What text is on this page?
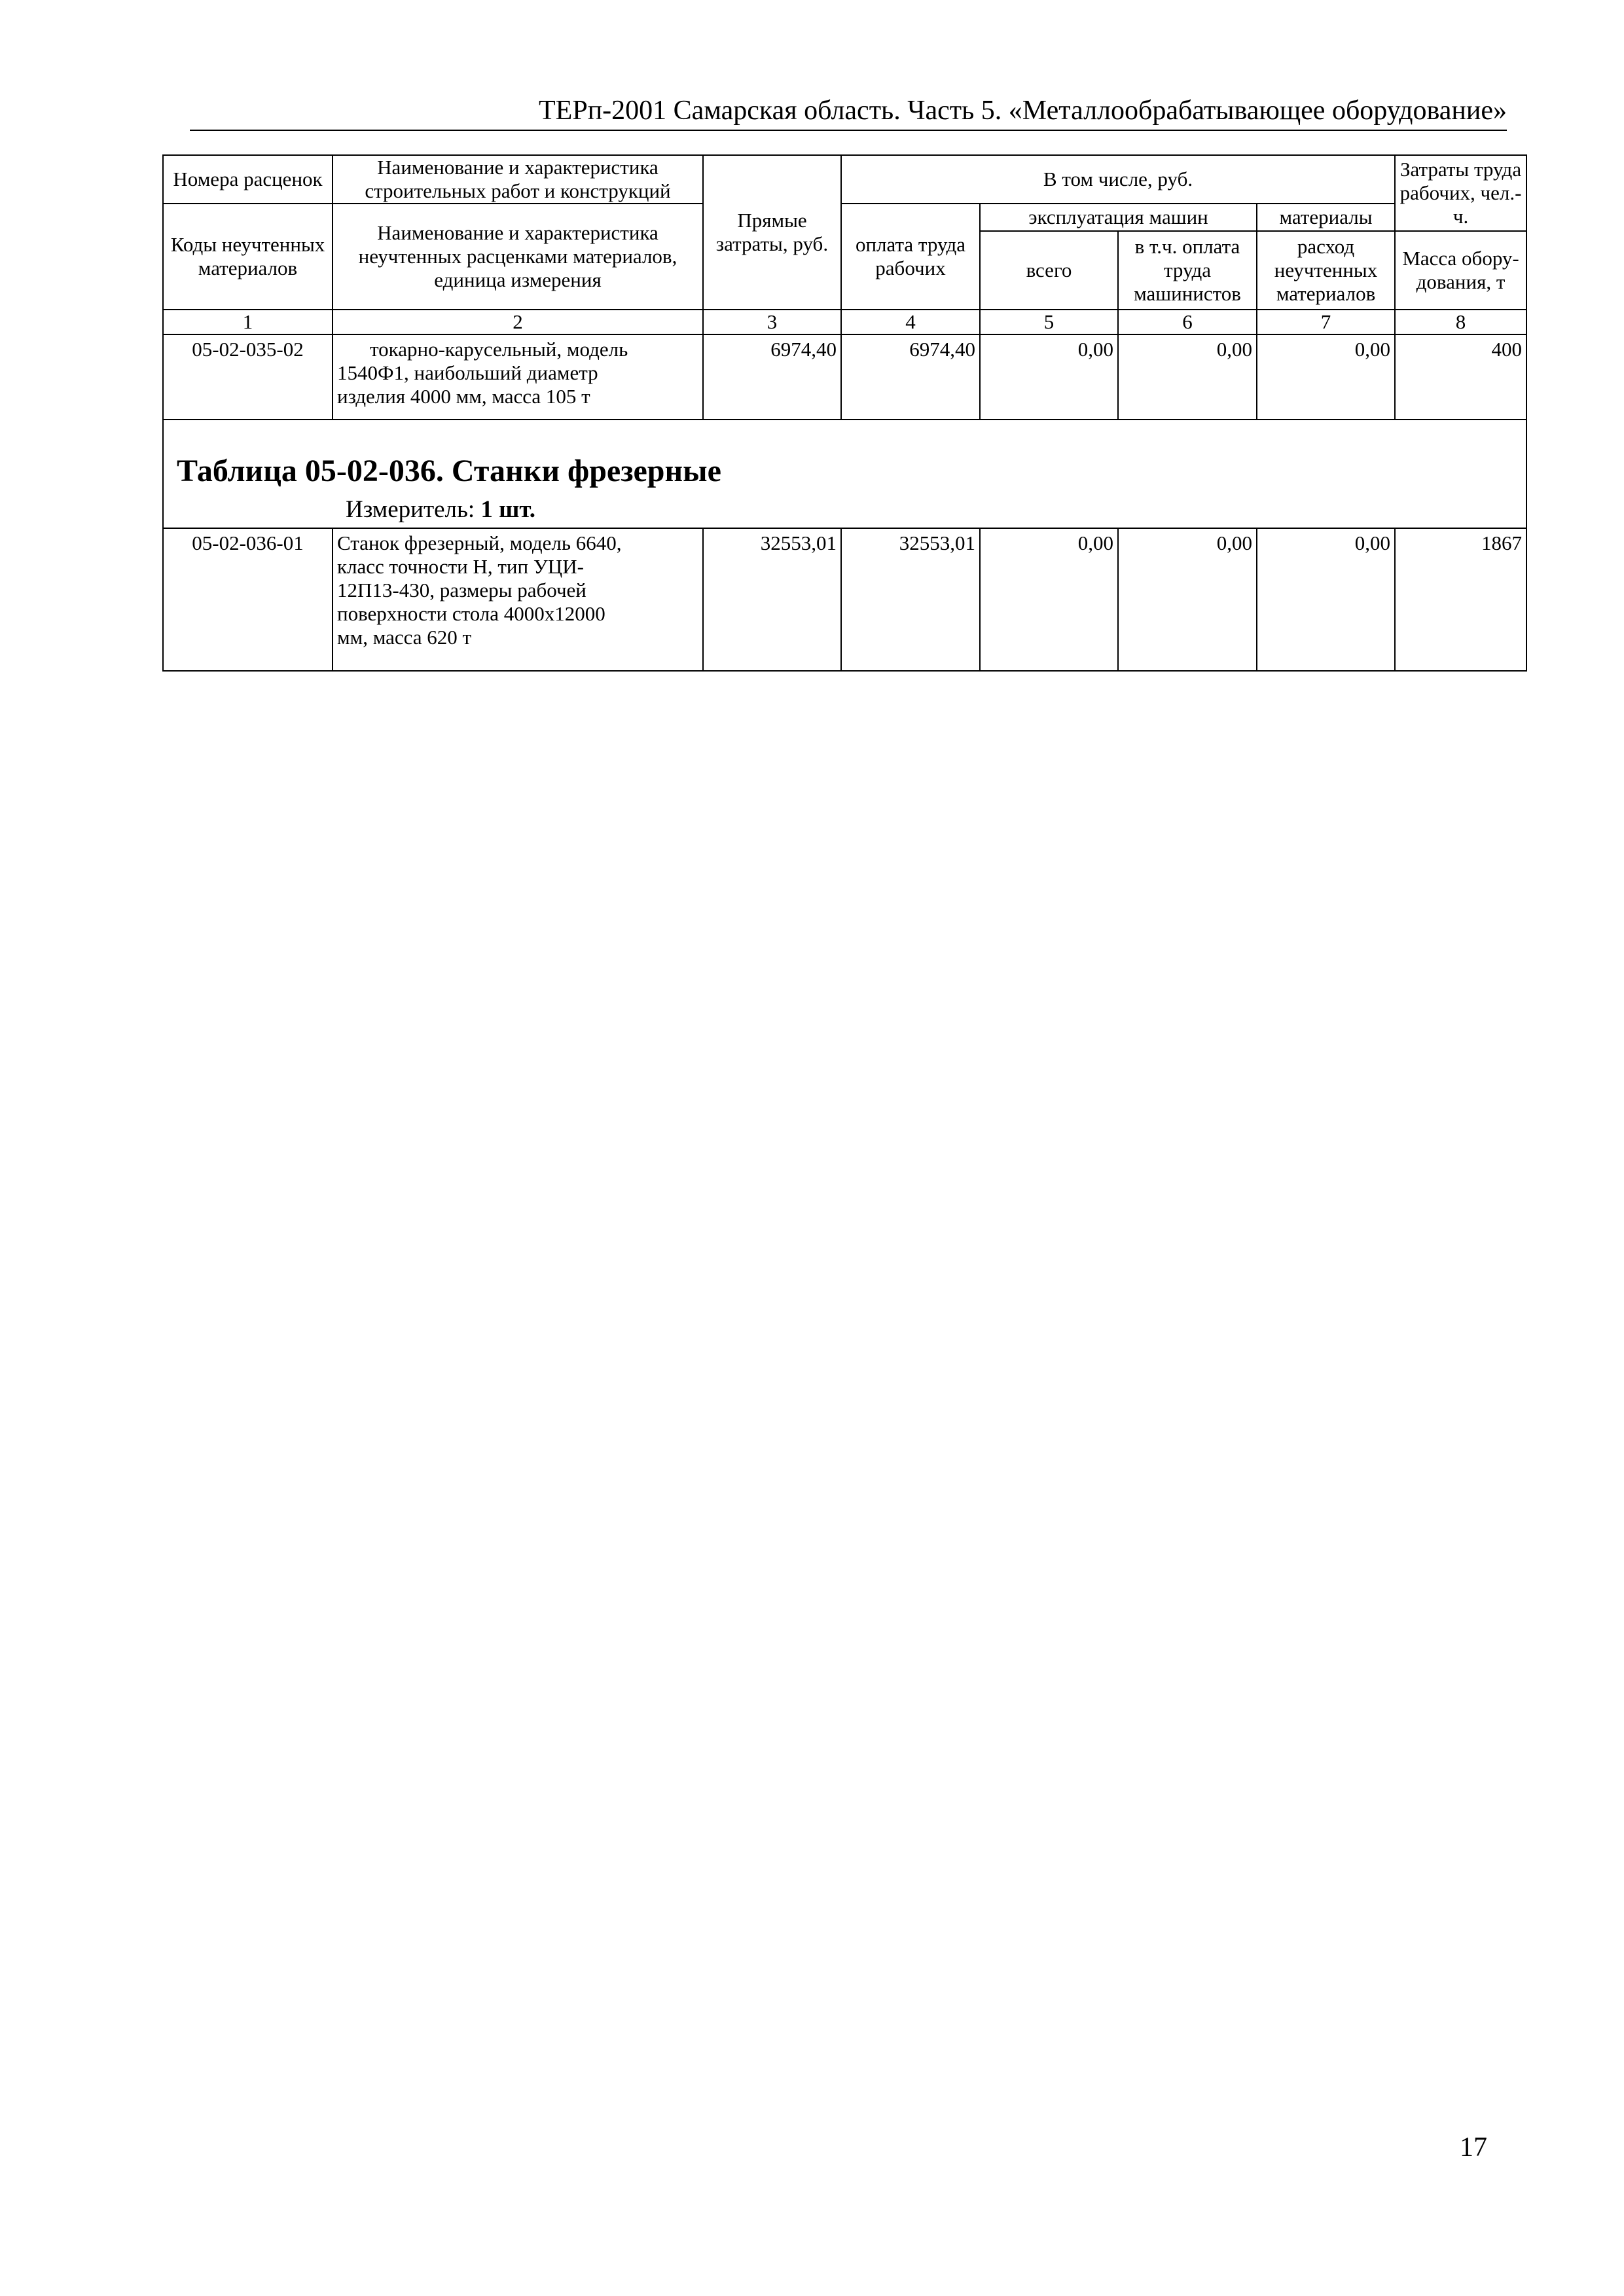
ТЕРп-2001 Самарская область. Часть 5. «Металлообрабатывающее оборудование»
Номера расценок	Наименование и характеристика строительных работ и конструкций	Прямые затраты, руб.	В том числе, руб.				Затраты труда рабочих, чел.-ч.
Коды неучтенных материалов	Наименование и характеристика неучтенных расценками материалов, единица измерения		оплата труда рабочих	эксплуатация машин		материалы	
				всего	в т.ч. оплата труда машинистов	расход неучтенных материалов	Масса обору-дования, т
1	2	3	4	5	6	7	8
05-02-035-02	токарно-карусельный, модель
1540Ф1, наибольший диаметр
изделия 4000 мм, масса 105 т	6974,40	6974,40	0,00	0,00	0,00	400

Таблица 05-02-036. Станки фрезерные
Измеритель: 1 шт.							

05-02-036-01	Станок фрезерный, модель 6640,
класс точности Н, тип УЦИ-
12П13-430, размеры рабочей
поверхности стола 4000х12000
мм, масса 620 т	32553,01	32553,01	0,00	0,00	0,00	1867
17
